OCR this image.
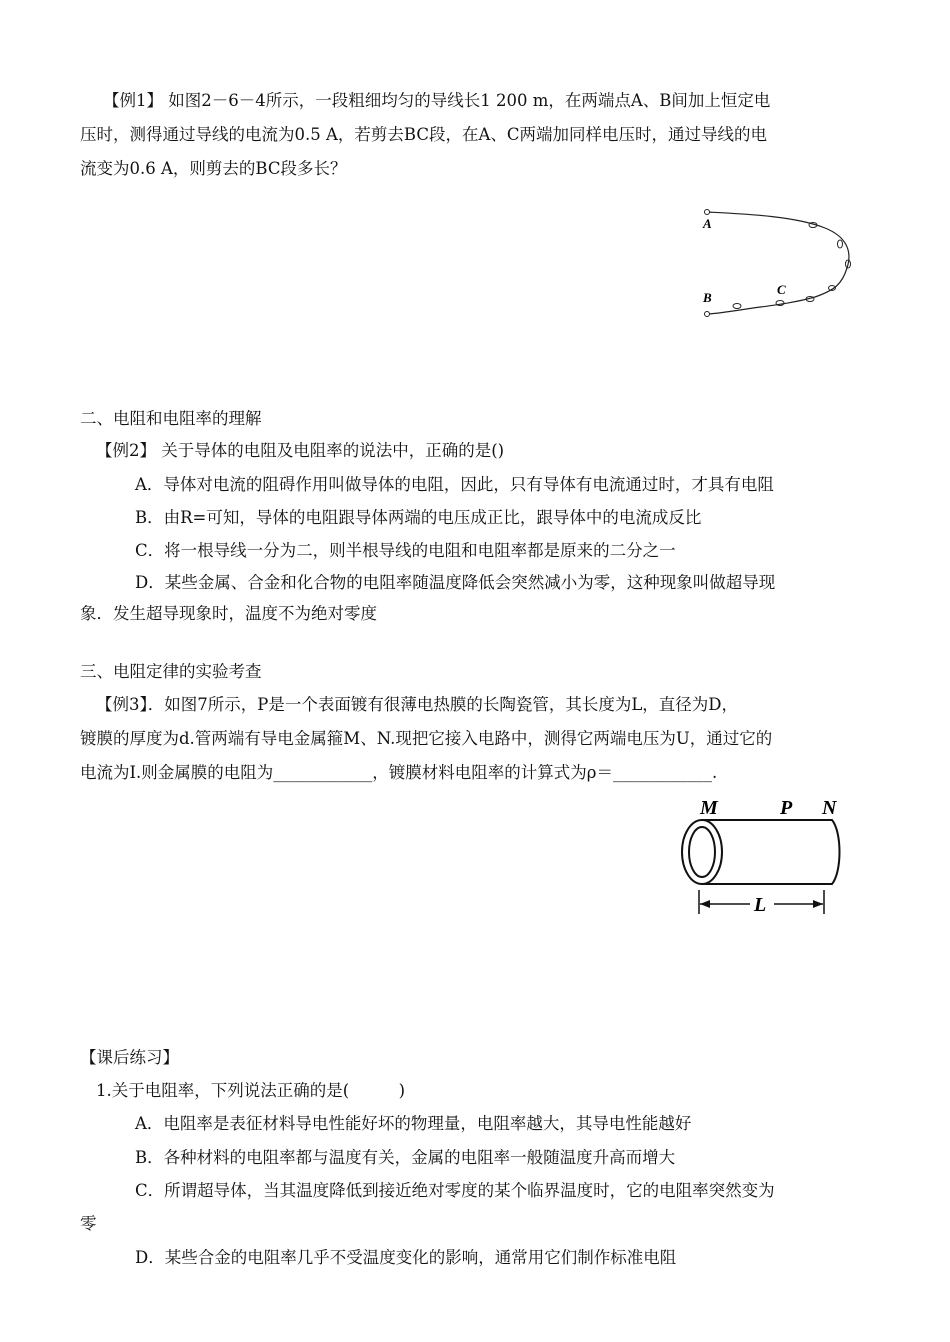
【例1】 如图2－6－4所示，一段粗细均匀的导线长1 200 m，在两端点A、B间加上恒定电
压时，测得通过导线的电流为0.5 A，若剪去BC段，在A、C两端加同样电压时，通过导线的电
流变为0.6 A，则剪去的BC段多长？
A
B
C
二、电阻和电阻率的理解
【例2】 关于导体的电阻及电阻率的说法中，正确的是()
A．导体对电流的阻碍作用叫做导体的电阻，因此，只有导体有电流通过时，才具有电阻
B．由R=可知，导体的电阻跟导体两端的电压成正比，跟导体中的电流成反比
C．将一根导线一分为二，则半根导线的电阻和电阻率都是原来的二分之一
D．某些金属、合金和化合物的电阻率随温度降低会突然减小为零，这种现象叫做超导现
象．发生超导现象时，温度不为绝对零度
三、电阻定律的实验考查
【例3】．如图7所示，P是一个表面镀有很薄电热膜的长陶瓷管，其长度为L，直径为D，
镀膜的厚度为d.管两端有导电金属箍M、N.现把它接入电路中，测得它两端电压为U，通过它的
电流为I.则金属膜的电阻为____________，镀膜材料电阻率的计算式为ρ＝____________.
M	P N
L
【课后练习】
1.关于电阻率，下列说法正确的是(　　　)
A．电阻率是表征材料导电性能好坏的物理量，电阻率越大，其导电性能越好
B．各种材料的电阻率都与温度有关，金属的电阻率一般随温度升高而增大
C．所谓超导体，当其温度降低到接近绝对零度的某个临界温度时，它的电阻率突然变为
零
D．某些合金的电阻率几乎不受温度变化的影响，通常用它们制作标准电阻
